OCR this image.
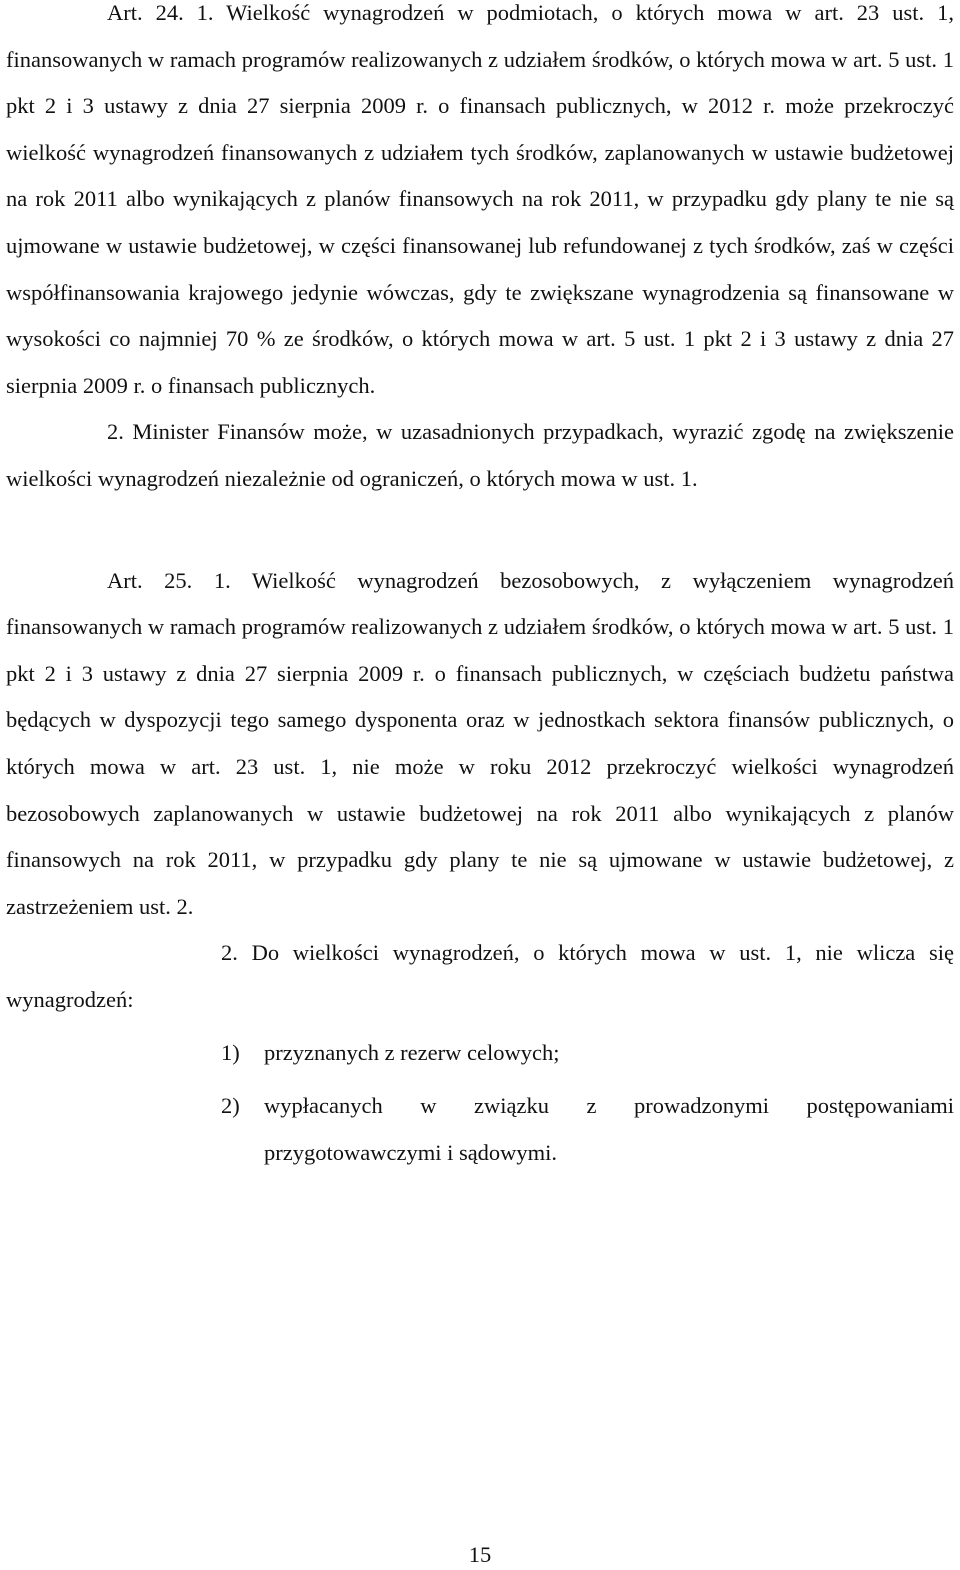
Art. 24. 1. Wielkość wynagrodzeń w podmiotach, o których mowa w art. 23 ust. 1, finansowanych w ramach programów realizowanych z udziałem środków, o których mowa w art. 5 ust. 1 pkt 2 i 3 ustawy z dnia 27 sierpnia 2009 r. o finansach publicznych, w 2012 r. może przekroczyć wielkość wynagrodzeń finansowanych z udziałem tych środków, zaplanowanych w ustawie budżetowej na rok 2011 albo wynikających z planów finansowych na rok 2011, w przypadku gdy plany te nie są ujmowane w ustawie budżetowej, w części finansowanej lub refundowanej z tych środków, zaś w części współfinansowania krajowego jedynie wówczas, gdy te zwiększane wynagrodzenia są finansowane w wysokości co najmniej 70 % ze środków, o których mowa w art. 5 ust. 1 pkt 2 i 3 ustawy z dnia 27 sierpnia 2009 r. o finansach publicznych.

2. Minister Finansów może, w uzasadnionych przypadkach, wyrazić zgodę na zwiększenie wielkości wynagrodzeń niezależnie od ograniczeń, o których mowa w ust. 1.

Art. 25. 1. Wielkość wynagrodzeń bezosobowych, z wyłączeniem wynagrodzeń finansowanych w ramach programów realizowanych z udziałem środków, o których mowa w art. 5 ust. 1 pkt 2 i 3 ustawy z dnia 27 sierpnia 2009 r. o finansach publicznych, w częściach budżetu państwa będących w dyspozycji tego samego dysponenta oraz w jednostkach sektora finansów publicznych, o których mowa w art. 23 ust. 1, nie może w roku 2012 przekroczyć wielkości wynagrodzeń bezosobowych zaplanowanych w ustawie budżetowej na rok 2011 albo wynikających z planów finansowych na rok 2011, w przypadku gdy plany te nie są ujmowane w ustawie budżetowej, z zastrzeżeniem ust. 2.

2. Do wielkości wynagrodzeń, o których mowa w ust. 1, nie wlicza się wynagrodzeń:

1) przyznanych z rezerw celowych;
2) wypłacanych w związku z prowadzonymi postępowaniami przygotowawczymi i sądowymi.
15
